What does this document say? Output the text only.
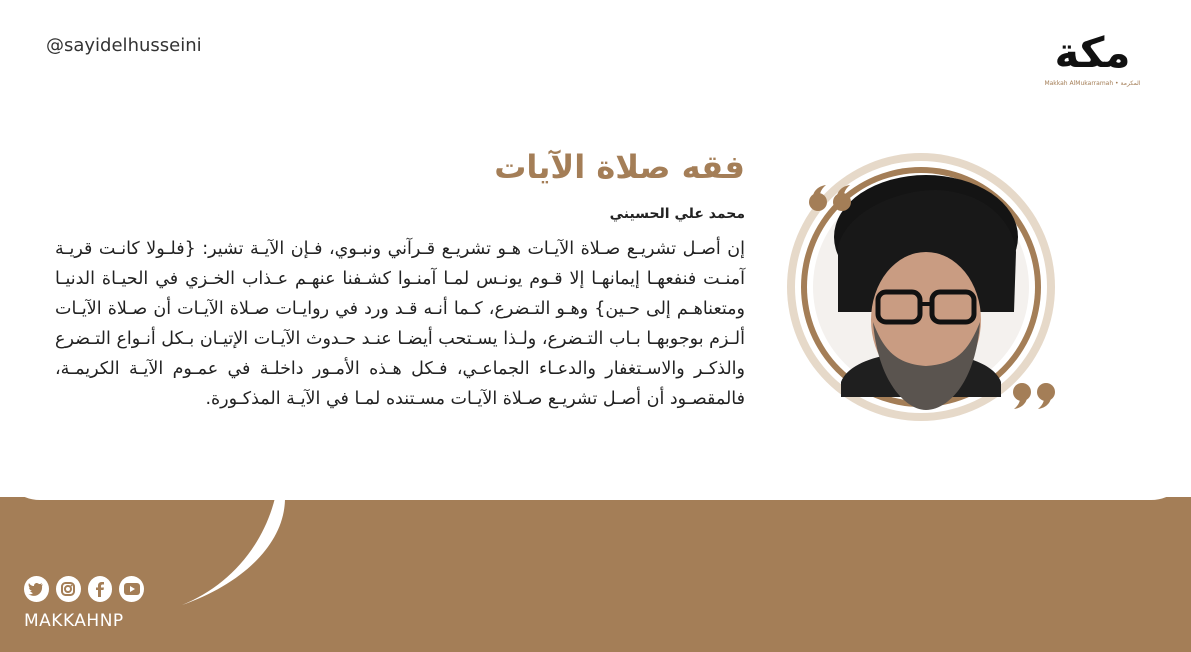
@sayidelhusseini	مكة
Makkah AlMukarramah • المكرمة
فقه صلاة الآيات
محمد علي الحسيني
إن أصـل تشريـع صـلاة الآيـات هـو تشريـع قـرآني ونبـوي، فـإن الآيـة تشير: {فلـولا كانـت قريـة آمنـت فنفعهـا إيمانهـا إلا قـوم يونـس لمـا آمنـوا كشـفنا عنهـم عـذاب الخـزي في الحيـاة الدنيـا ومتعناهـم إلى حـين} وهـو التـضرع، كـما أنـه قـد ورد في روايـات صـلاة الآيـات أن صـلاة الآيـات ألـزم بوجوبهـا بـاب التـضرع، ولـذا يسـتحب أيضـا عنـد حـدوث الآيـات الإتيـان بـكل أنـواع التـضرع والذكـر والاسـتغفار والدعـاء الجماعـي، فـكل هـذه الأمـور داخلـة في عمـوم الآيـة الكريمـة، فالمقصـود أن أصـل تشريـع صـلاة الآيـات مسـتنده لمـا في الآيـة المذكـورة.
MAKKAHNP
